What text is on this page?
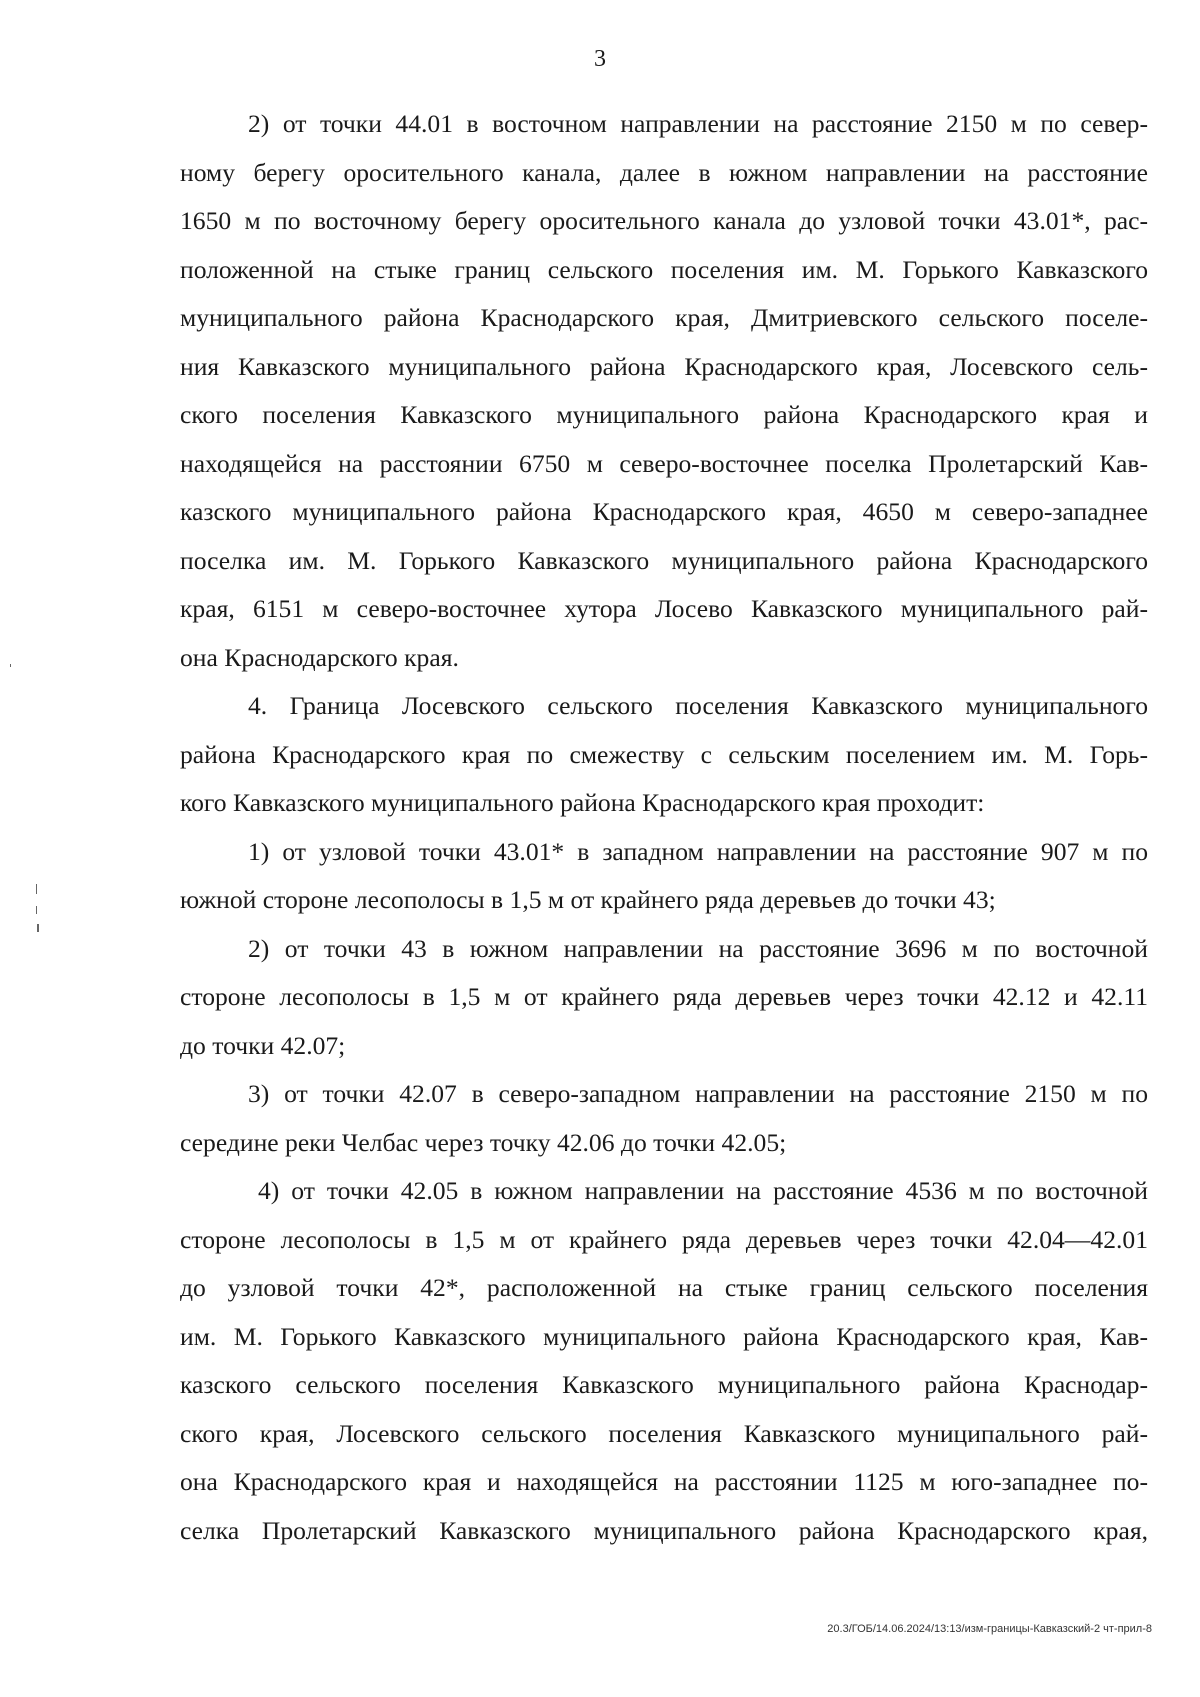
3
2) от точки 44.01 в восточном направлении на расстояние 2150 м по север-
ному берегу оросительного канала, далее в южном направлении на расстояние
1650 м по восточному берегу оросительного канала до узловой точки 43.01*, рас-
положенной на стыке границ сельского поселения им. М. Горького Кавказского
муниципального района Краснодарского края, Дмитриевского сельского поселе-
ния Кавказского муниципального района Краснодарского края, Лосевского сель-
ского поселения Кавказского муниципального района Краснодарского края и
находящейся на расстоянии 6750 м северо-восточнее поселка Пролетарский Кав-
казского муниципального района Краснодарского края, 4650 м северо-западнее
поселка им. М. Горького Кавказского муниципального района Краснодарского
края, 6151 м северо-восточнее хутора Лосево Кавказского муниципального рай-
она Краснодарского края.
4. Граница Лосевского сельского поселения Кавказского муниципального
района Краснодарского края по смежеству с сельским поселением им. М. Горь-
кого Кавказского муниципального района Краснодарского края проходит:
1) от узловой точки 43.01* в западном направлении на расстояние 907 м по
южной стороне лесополосы в 1,5 м от крайнего ряда деревьев до точки 43;
2) от точки 43 в южном направлении на расстояние 3696 м по восточной
стороне лесополосы в 1,5 м от крайнего ряда деревьев через точки 42.12 и 42.11
до точки 42.07;
3) от точки 42.07 в северо-западном направлении на расстояние 2150 м по
середине реки Челбас через точку 42.06 до точки 42.05;
4) от точки 42.05 в южном направлении на расстояние 4536 м по восточной
стороне лесополосы в 1,5 м от крайнего ряда деревьев через точки 42.04—42.01
до узловой точки 42*, расположенной на стыке границ сельского поселения
им. М. Горького Кавказского муниципального района Краснодарского края, Кав-
казского сельского поселения Кавказского муниципального района Краснодар-
ского края, Лосевского сельского поселения Кавказского муниципального рай-
она Краснодарского края и находящейся на расстоянии 1125 м юго-западнее по-
селка Пролетарский Кавказского муниципального района Краснодарского края,
20.3/ГОБ/14.06.2024/13:13/изм-границы-Кавказский-2 чт-прил-8
